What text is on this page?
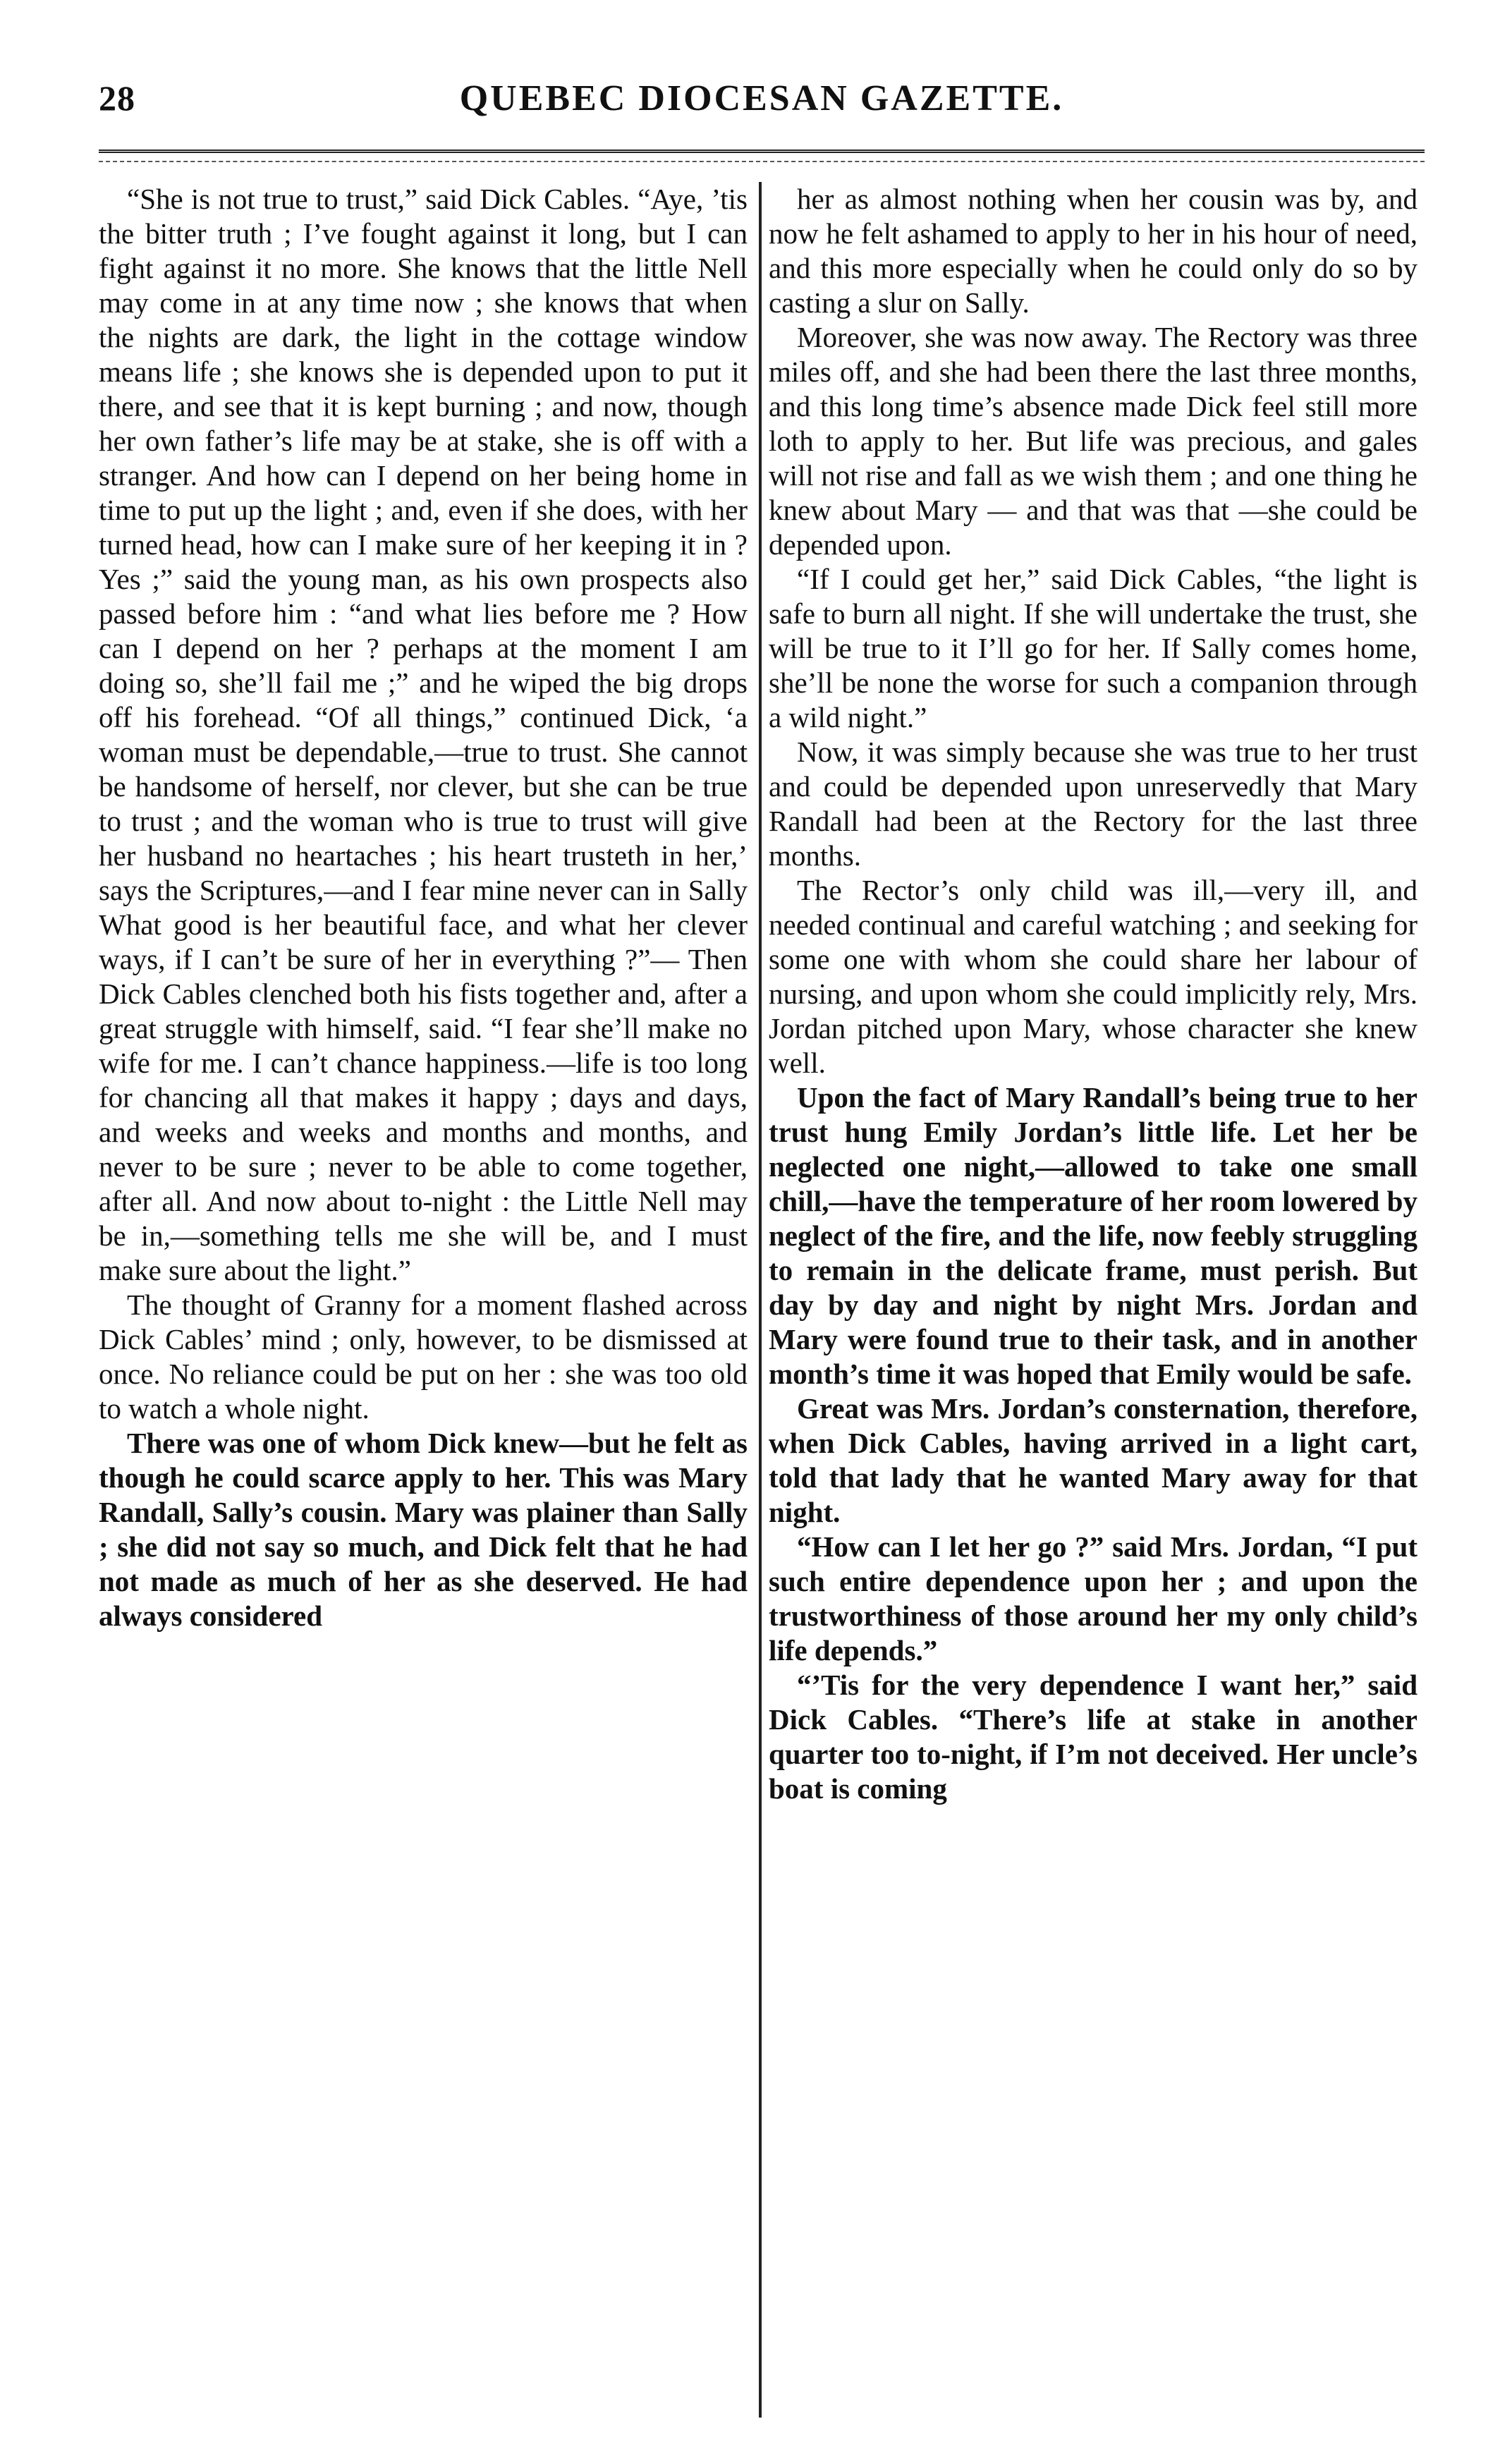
28	QUEBEC DIOCESAN GAZETTE.

“She is not true to trust,” said Dick Cables. “Aye, ’tis the bitter truth ; I’ve fought against it long, but I can fight against it no more. She knows that the little Nell may come in at any time now ; she knows that when the nights are dark, the light in the cottage window means life ; she knows she is depended upon to put it there, and see that it is kept burning ; and now, though her own father’s life may be at stake, she is off with a stranger. And how can I depend on her being home in time to put up the light ; and, even if she does, with her turned head, how can I make sure of her keeping it in ? Yes ;” said the young man, as his own prospects also passed before him : “and what lies before me ? How can I depend on her ? perhaps at the moment I am doing so, she’ll fail me ;” and he wiped the big drops off his forehead. “Of all things,” continued Dick, ‘a woman must be dependable,—true to trust. She cannot be handsome of herself, nor clever, but she can be true to trust ; and the woman who is true to trust will give her husband no heartaches ; his heart trusteth in her,’ says the Scriptures,—and I fear mine never can in Sally What good is her beautiful face, and what her clever ways, if I can’t be sure of her in everything ?”— Then Dick Cables clenched both his fists together and, after a great struggle with himself, said. “I fear she’ll make no wife for me. I can’t chance happiness.—life is too long for chancing all that makes it happy ; days and days, and weeks and weeks and months and months, and never to be sure ; never to be able to come together, after all. And now about to-night : the Little Nell may be in,—something tells me she will be, and I must make sure about the light.”

The thought of Granny for a moment flashed across Dick Cables’ mind ; only, however, to be dismissed at once. No reliance could be put on her : she was too old to watch a whole night.

There was one of whom Dick knew—but he felt as though he could scarce apply to her. This was Mary Randall, Sally’s cousin. Mary was plainer than Sally ; she did not say so much, and Dick felt that he had not made as much of her as she deserved. He had always considered

her as almost nothing when her cousin was by, and now he felt ashamed to apply to her in his hour of need, and this more especially when he could only do so by casting a slur on Sally.

Moreover, she was now away. The Rectory was three miles off, and she had been there the last three months, and this long time’s absence made Dick feel still more loth to apply to her. But life was precious, and gales will not rise and fall as we wish them ; and one thing he knew about Mary — and that was that —she could be depended upon.

“If I could get her,” said Dick Cables, “the light is safe to burn all night. If she will undertake the trust, she will be true to it I’ll go for her. If Sally comes home, she’ll be none the worse for such a companion through a wild night.”

Now, it was simply because she was true to her trust and could be depended upon unreservedly that Mary Randall had been at the Rectory for the last three months.

The Rector’s only child was ill,—very ill, and needed continual and careful watching ; and seeking for some one with whom she could share her labour of nursing, and upon whom she could implicitly rely, Mrs. Jordan pitched upon Mary, whose character she knew well.

Upon the fact of Mary Randall’s being true to her trust hung Emily Jordan’s little life. Let her be neglected one night,—allowed to take one small chill,—have the temperature of her room lowered by neglect of the fire, and the life, now feebly struggling to remain in the delicate frame, must perish. But day by day and night by night Mrs. Jordan and Mary were found true to their task, and in another month’s time it was hoped that Emily would be safe.

Great was Mrs. Jordan’s consternation, therefore, when Dick Cables, having arrived in a light cart, told that lady that he wanted Mary away for that night.

“How can I let her go ?” said Mrs. Jordan, “I put such entire dependence upon her ; and upon the trustworthiness of those around her my only child’s life depends.”

“’Tis for the very dependence I want her,” said Dick Cables. “There’s life at stake in another quarter too to-night, if I’m not deceived. Her uncle’s boat is coming
